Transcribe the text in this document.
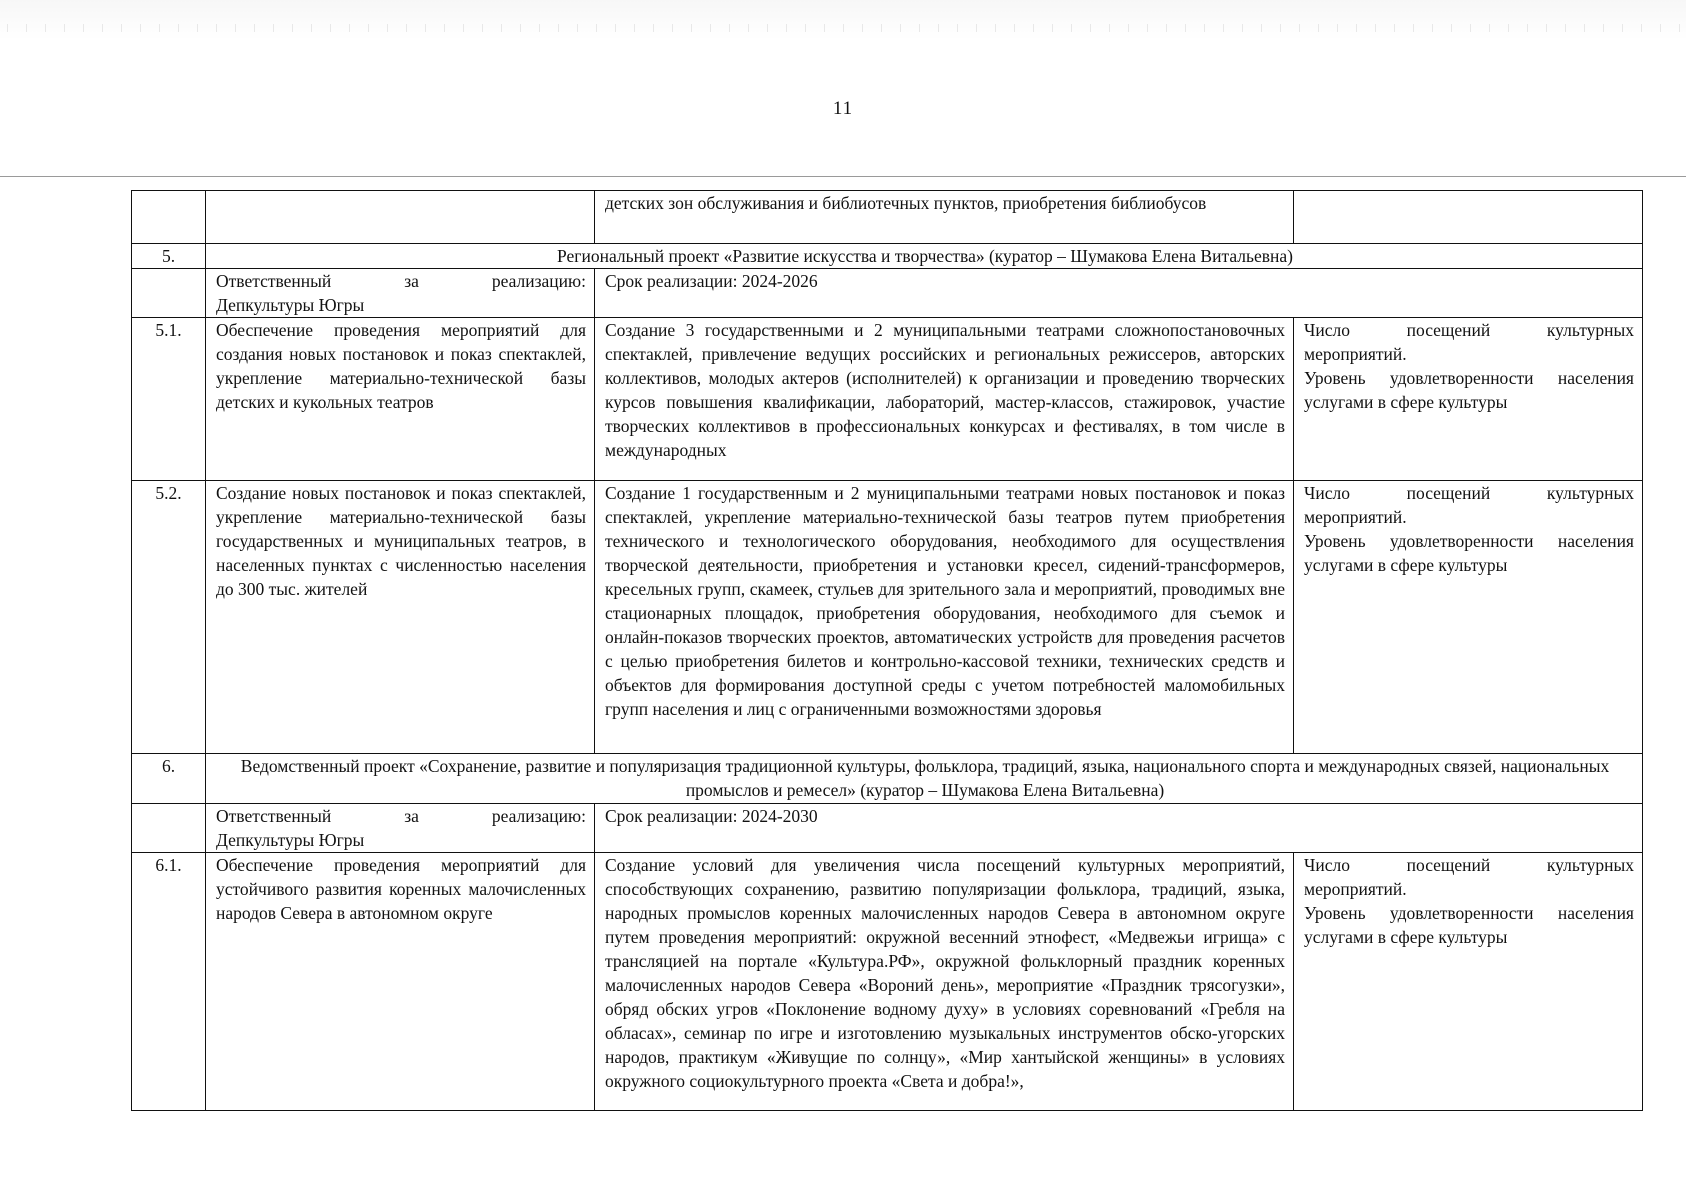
11
		детских зон обслуживания и библиотечных пунктов, приобретения библиобусов	
5.	Региональный проект «Развитие искусства и творчества» (куратор – Шумакова Елена Витальевна)		

	Ответственный за реализацию:
Депкультуры Югры	Срок реализации: 2024-2026	
5.1.	Обеспечение проведения мероприятий для создания новых постановок и показ спектаклей, укрепление материально-технической базы детских и кукольных театров	Создание 3 государственными и 2 муниципальными театрами сложнопостановочных спектаклей, привлечение ведущих российских и региональных режиссеров, авторских коллективов, молодых актеров (исполнителей) к организации и проведению творческих курсов повышения квалификации, лабораторий, мастер-классов, стажировок, участие творческих коллективов в профессиональных конкурсах и фестивалях, в том числе в международных	Число посещений культурных мероприятий.

Уровень удовлетворенности населения услугами в сфере культуры

5.2.	Создание новых постановок и показ спектаклей, укрепление материально-технической базы государственных и муниципальных театров, в населенных пунктах с численностью населения до 300 тыс. жителей	Создание 1 государственным и 2 муниципальными театрами новых постановок и показ спектаклей, укрепление материально-технической базы театров путем приобретения технического и технологического оборудования, необходимого для осуществления творческой деятельности, приобретения и установки кресел, сидений-трансформеров, кресельных групп, скамеек, стульев для зрительного зала и мероприятий, проводимых вне стационарных площадок, приобретения оборудования, необходимого для съемок и онлайн-показов творческих проектов, автоматических устройств для проведения расчетов с целью приобретения билетов и контрольно-кассовой техники, технических средств и объектов для формирования доступной среды с учетом потребностей маломобильных групп населения и лиц с ограниченными возможностями здоровья	Число посещений культурных мероприятий.

Уровень удовлетворенности населения услугами в сфере культуры

6.	Ведомственный проект «Сохранение, развитие и популяризация традиционной культуры, фольклора, традиций, языка, национального спорта и международных связей, национальных промыслов и ремесел» (куратор – Шумакова Елена Витальевна)		

	Ответственный за реализацию:
Депкультуры Югры	Срок реализации: 2024-2030	
6.1.	Обеспечение проведения мероприятий для устойчивого развития коренных малочисленных народов Севера в автономном округе	Создание условий для увеличения числа посещений культурных мероприятий, способствующих сохранению, развитию популяризации фольклора, традиций, языка, народных промыслов коренных малочисленных народов Севера в автономном округе путем проведения мероприятий: окружной весенний этнофест, «Медвежьи игрища» с трансляцией на портале «Культура.РФ», окружной фольклорный праздник коренных малочисленных народов Севера «Вороний день», мероприятие «Праздник трясогузки», обряд обских угров «Поклонение водному духу» в условиях соревнований «Гребля на обласах», семинар по игре и изготовлению музыкальных инструментов обско-угорских народов, практикум «Живущие по солнцу», «Мир хантыйской женщины» в условиях окружного социокультурного проекта «Света и добра!»,	Число посещений культурных мероприятий.

Уровень удовлетворенности населения услугами в сфере культуры
